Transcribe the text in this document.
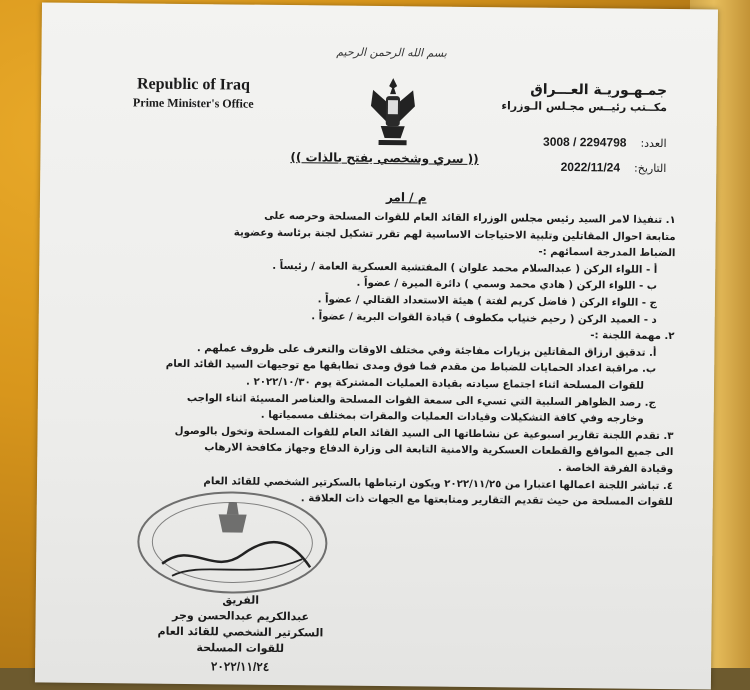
بسم الله الرحمن الرحيم
Republic of Iraq
Prime Minister's Office
جمـهـوريـة العـــراق
مكــتب رئيــس مجـلس الـوزراء
العدد:2294798 / 3008
التاريخ:2022/11/24
(( سري وشخصي يفتح بالذات ))
م / امر

١. تنفيذا لامر السيد رئيس مجلس الوزراء القائد العام للقوات المسلحة وحرصه على

متابعة احوال المقاتلين وتلبية الاحتياجات الاساسية لهم تقرر تشكيل لجنة برئاسة وعضوية

الضباط المدرجة اسمائهم :-

أ - اللواء الركن ( عبدالسلام محمد علوان ) المفتشية العسكرية العامة / رئيساً .

ب - اللواء الركن ( هادي محمد وسمي ) دائرة الميرة / عضواً .

ج - اللواء الركن ( فاضل كريم لفتة ) هيئة الاستعداد القتالي / عضواً .

د - العميد الركن ( رحيم خنياب مكطوف ) قيادة القوات البرية / عضواً .

٢. مهمة اللجنة :-

أ. تدقيق ارزاق المقاتلين بزيارات مفاجئة وفي مختلف الاوقات والتعرف على ظروف عملهم .

ب. مراقبة اعداد الحمايات للضباط من مقدم فما فوق ومدى تطابقها مع توجيهات السيد القائد العام

للقوات المسلحة اثناء اجتماع سيادته بقيادة العمليات المشتركة يوم ٢٠٢٢/١٠/٣٠ .

ج. رصد الظواهر السلبية التي تسيء الى سمعة القوات المسلحة والعناصر المسيئة اثناء الواجب

وخارجه وفي كافة التشكيلات وقيادات العمليات والمقرات بمختلف مسمياتها .

٣. تقدم اللجنة تقارير اسبوعية عن نشاطاتها الى السيد القائد العام للقوات المسلحة وتخول بالوصول

الى جميع المواقع والقطعات العسكرية والامنية التابعة الى وزارة الدفاع وجهاز مكافحة الارهاب

وقيادة الفرقة الخاصة .

٤. تباشر اللجنة اعمالها اعتبارا من ٢٠٢٢/١١/٢٥ ويكون ارتباطها بالسكرتير الشخصي للقائد العام

للقوات المسلحة من حيث تقديم التقارير ومتابعتها مع الجهات ذات العلاقة .

الفريق
عبدالكريم عبدالحسن وجر
السكرتير الشخصي للقائد العام
للقوات المسلحة
٢٠٢٢/١١/٢٤
